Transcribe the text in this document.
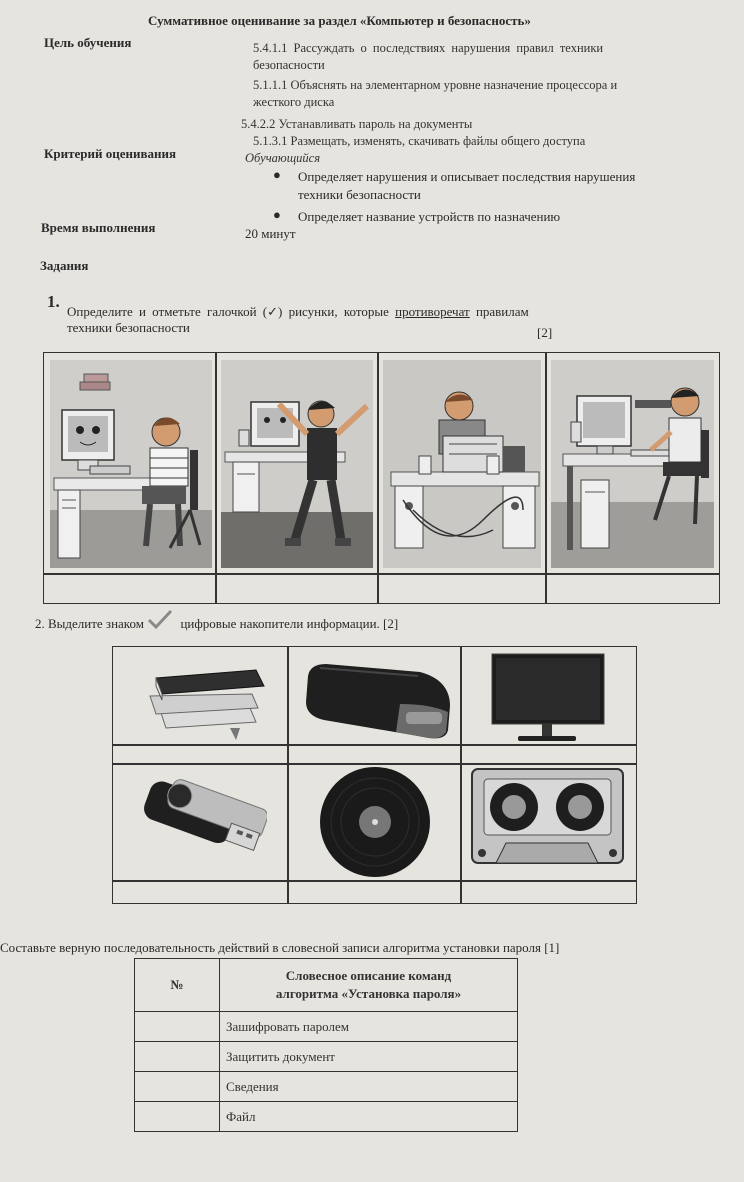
Суммативное оценивание за раздел «Компьютер и безопасность»
Цель обучения	5.4.1.1 Рассуждать о последствиях нарушения правил техники
безопасности
5.1.1.1 Объяснять на элементарном уровне назначение процессора и
жесткого диска
5.4.2.2 Устанавливать пароль на документы
5.1.3.1 Размещать, изменять, скачивать файлы общего доступа
Критерий оценивания	Обучающийся
● Определяет нарушения и описывает последствия нарушения
техники безопасности
● Определяет название устройств по назначению
Время выполнения	20 минут
Задания
1.
Определите и отметьте галочкой (✓) рисунки, которые противоречат правилам
техники безопасности	[2]
2. Выделите знаком	цифровые накопители информации. [2]
Составьте верную последовательность действий в словесной записи алгоритма установки пароля [1]
№	Словесное описание команд
алгоритма «Установка пароля»
	Зашифровать паролем
	Защитить документ
	Сведения
	Файл
